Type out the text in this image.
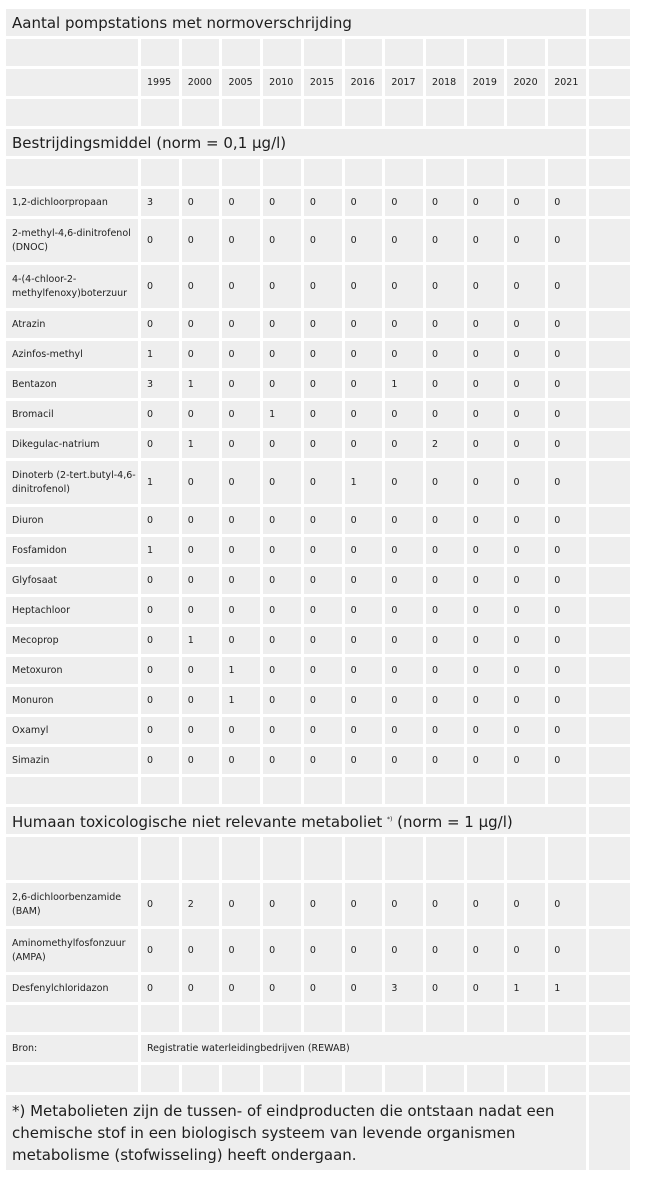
Aantal pompstations met normoverschrijding												

	1995	2000	2005	2010	2015	2016	2017	2018	2019	2020	2021	

Bestrijdingsmiddel (norm = 0,1 µg/l)												

1,2-dichloorpropaan	3	0	0	0	0	0	0	0	0	0	0	
2-methyl-4,6-dinitrofenol (DNOC)	0	0	0	0	0	0	0	0	0	0	0	
4-(4-chloor-2-methylfenoxy)boterzuur	0	0	0	0	0	0	0	0	0	0	0	
Atrazin	0	0	0	0	0	0	0	0	0	0	0	
Azinfos-methyl	1	0	0	0	0	0	0	0	0	0	0	
Bentazon	3	1	0	0	0	0	1	0	0	0	0	
Bromacil	0	0	0	1	0	0	0	0	0	0	0	
Dikegulac-natrium	0	1	0	0	0	0	0	2	0	0	0	
Dinoterb (2-tert.butyl-4,6-dinitrofenol)	1	0	0	0	0	1	0	0	0	0	0	
Diuron	0	0	0	0	0	0	0	0	0	0	0	
Fosfamidon	1	0	0	0	0	0	0	0	0	0	0	
Glyfosaat	0	0	0	0	0	0	0	0	0	0	0	
Heptachloor	0	0	0	0	0	0	0	0	0	0	0	
Mecoprop	0	1	0	0	0	0	0	0	0	0	0	
Metoxuron	0	0	1	0	0	0	0	0	0	0	0	
Monuron	0	0	1	0	0	0	0	0	0	0	0	
Oxamyl	0	0	0	0	0	0	0	0	0	0	0	
Simazin	0	0	0	0	0	0	0	0	0	0	0	

Humaan toxicologische niet relevante metaboliet *) (norm = 1 µg/l)												

2,6-dichloorbenzamide (BAM)	0	2	0	0	0	0	0	0	0	0	0	
Aminomethylfosfonzuur (AMPA)	0	0	0	0	0	0	0	0	0	0	0	
Desfenylchloridazon	0	0	0	0	0	0	3	0	0	1	1	

Bron:	Registratie waterleidingbedrijven (REWAB)											

*) Metabolieten zijn de tussen- of eindproducten die ontstaan nadat een chemische stof in een biologisch systeem van levende organismen metabolisme (stofwisseling) heeft ondergaan.												
